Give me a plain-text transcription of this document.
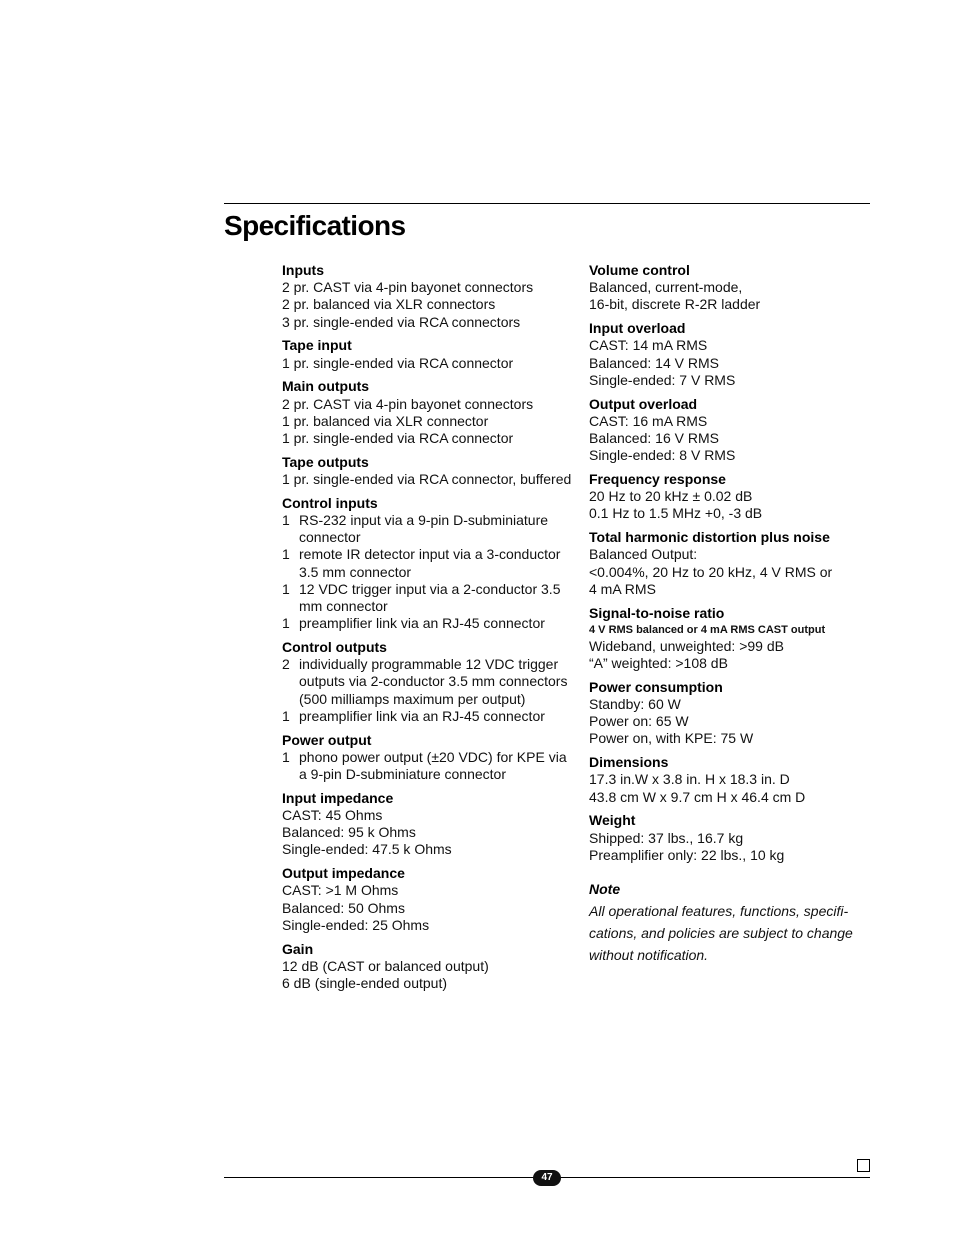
Specifications
Inputs
2 pr. CAST via 4-pin bayonet connectors
2 pr. balanced via XLR connectors
3 pr. single-ended via RCA connectors
Tape input
1 pr. single-ended via RCA connector
Main outputs
2 pr. CAST via 4-pin bayonet connectors
1 pr. balanced via XLR connector
1 pr. single-ended via RCA connector
Tape outputs
1 pr. single-ended via RCA connector, buffered
Control inputs
1 RS-232 input via a 9-pin D-subminiature connector
1 remote IR detector input via a 3-conductor 3.5 mm connector
1 12 VDC trigger input via a 2-conductor 3.5 mm connector
1 preamplifier link via an RJ-45 connector
Control outputs
2 individually programmable 12 VDC trigger outputs via 2-conductor 3.5 mm connectors (500 milliamps maximum per output)
1 preamplifier link via an RJ-45 connector
Power output
1 phono power output (±20 VDC) for KPE via a 9-pin D-subminiature connector
Input impedance
CAST: 45 Ohms
Balanced: 95 k Ohms
Single-ended: 47.5 k Ohms
Output impedance
CAST: >1 M Ohms
Balanced: 50 Ohms
Single-ended: 25 Ohms
Gain
12 dB (CAST or balanced output)
6 dB (single-ended output)
Volume control
Balanced, current-mode,
16-bit, discrete R-2R ladder
Input overload
CAST: 14 mA RMS
Balanced: 14 V RMS
Single-ended: 7 V RMS
Output overload
CAST: 16 mA RMS
Balanced: 16 V RMS
Single-ended: 8 V RMS
Frequency response
20 Hz to 20 kHz ± 0.02 dB
0.1 Hz to 1.5 MHz +0, -3 dB
Total harmonic distortion plus noise
Balanced Output:
<0.004%, 20 Hz to 20 kHz, 4 V RMS or
4 mA RMS
Signal-to-noise ratio
4 V RMS balanced or 4 mA RMS CAST output
Wideband, unweighted: >99 dB
“A” weighted: >108 dB
Power consumption
Standby: 60 W
Power on: 65 W
Power on, with KPE: 75 W
Dimensions
17.3 in.W x 3.8 in. H x 18.3 in. D
43.8 cm W x 9.7 cm H x 46.4 cm D
Weight
Shipped: 37 lbs., 16.7 kg
Preamplifier only: 22 lbs., 10 kg
Note
All operational features, functions, specifi- cations, and policies are subject to change without notification.
47
